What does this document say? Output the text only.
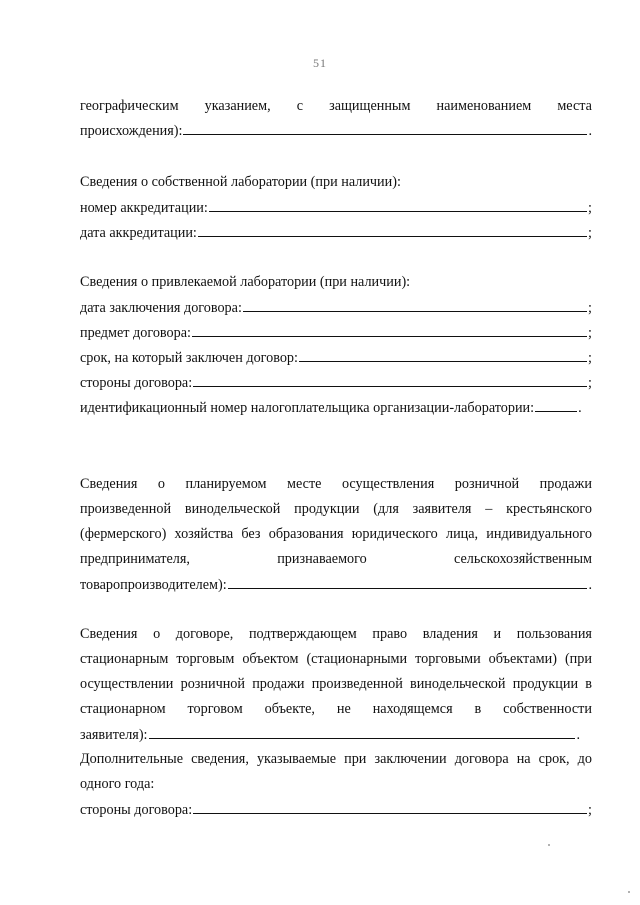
51
географическим указанием, с защищенным наименованием места
происхождения):	.
Сведения о собственной лаборатории (при наличии):
номер аккредитации:	;
дата аккредитации:	;
Сведения о привлекаемой лаборатории (при наличии):
дата заключения договора:	;
предмет договора:	;
срок, на который заключен договор:	;
стороны договора:	;
идентификационный номер налогоплательщика организации-лаборатории:	.
Сведения о планируемом месте осуществления розничной продажи
произведенной винодельческой продукции (для заявителя – крестьянского
(фермерского) хозяйства без образования юридического лица, индивидуального
предпринимателя,	признаваемого	сельскохозяйственным
товаропроизводителем):	.
Сведения о договоре, подтверждающем право владения и пользования
стационарным торговым объектом (стационарными торговыми объектами) (при
осуществлении розничной продажи произведенной винодельческой продукции в
стационарном торговом объекте, не находящемся в собственности
заявителя):	.
Дополнительные сведения, указываемые при заключении договора на срок, до
одного года:
стороны договора:	;
